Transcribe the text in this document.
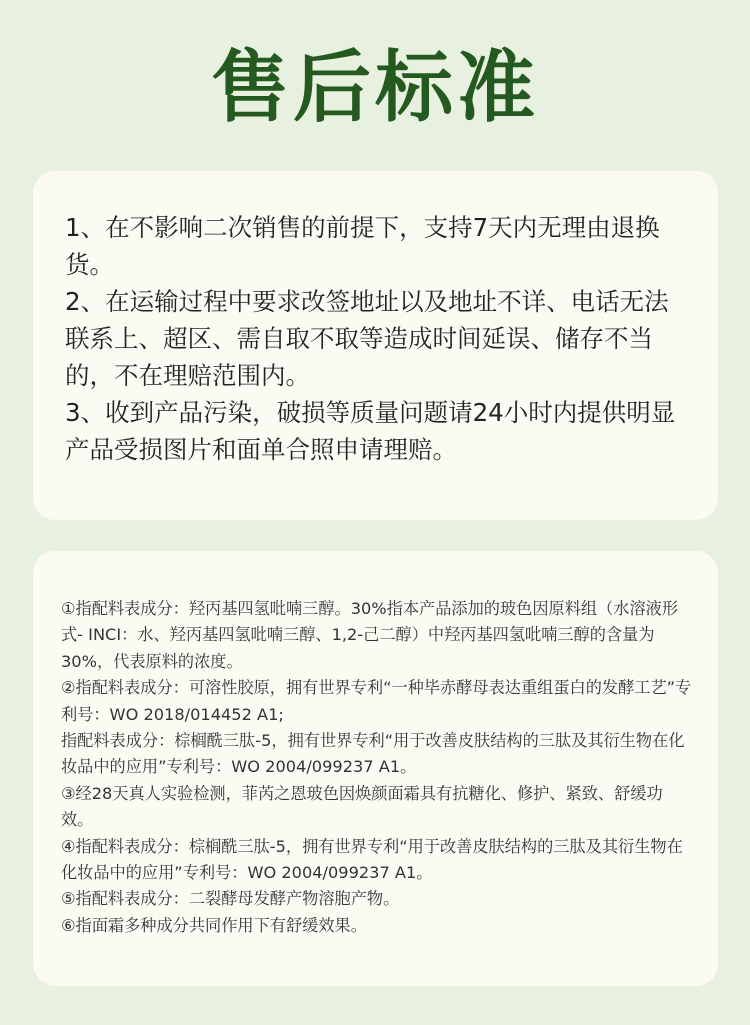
售后标准

1、在不影响二次销售的前提下，支持7天内无理由退换货。

2、在运输过程中要求改签地址以及地址不详、电话无法联系上、超区、需自取不取等造成时间延误、储存不当的，不在理赔范围内。

3、收到产品污染，破损等质量问题请24小时内提供明显产品受损图片和面单合照申请理赔。

①指配料表成分：羟丙基四氢吡喃三醇。30%指本产品添加的玻色因原料组（水溶液形式- INCI：水、羟丙基四氢吡喃三醇、1,2-己二醇）中羟丙基四氢吡喃三醇的含量为30%，代表原料的浓度。

②指配料表成分：可溶性胶原，拥有世界专利“一种毕赤酵母表达重组蛋白的发酵工艺”专利号：WO 2018/014452 A1;

指配料表成分：棕榈酰三肽-5，拥有世界专利“用于改善皮肤结构的三肽及其衍生物在化妆品中的应用”专利号：WO 2004/099237 A1。

③经28天真人实验检测，菲芮之恩玻色因焕颜面霜具有抗糖化、修护、紧致、舒缓功效。

④指配料表成分：棕榈酰三肽-5，拥有世界专利“用于改善皮肤结构的三肽及其衍生物在化妆品中的应用”专利号：WO 2004/099237 A1。

⑤指配料表成分：二裂酵母发酵产物溶胞产物。

⑥指面霜多种成分共同作用下有舒缓效果。
